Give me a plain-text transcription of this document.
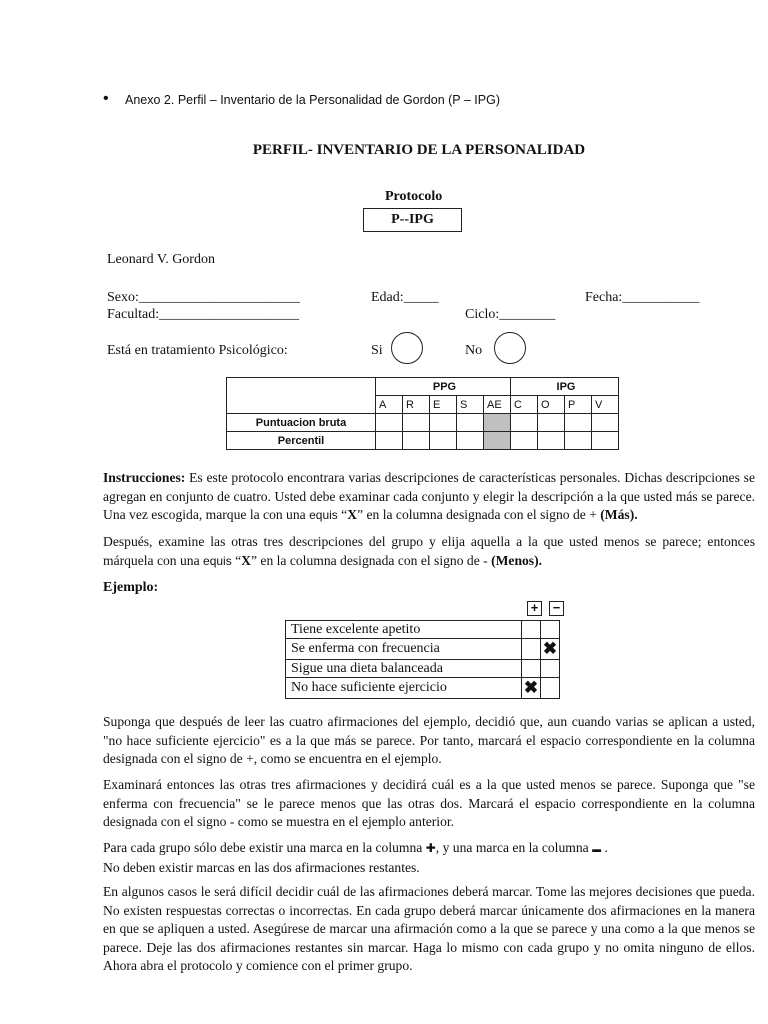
• Anexo 2. Perfil – Inventario de la Personalidad de Gordon (P – IPG)
PERFIL- INVENTARIO DE LA PERSONALIDAD
Protocolo
P--IPG
Leonard V. Gordon
Sexo:_______________________	Edad:_____	Fecha:___________
Facultad:____________________	Ciclo:________
Está en tratamiento Psicológico:	Si	No
	PPG					IPG			
	A	R	E	S	AE	C	O	P	V
Puntuacion bruta									
Percentil									
Instrucciones: Es este protocolo encontrara varias descripciones de características personales. Dichas descripciones se agregan en conjunto de cuatro. Usted debe examinar cada conjunto y elegir la descripción a la que usted más se parece. Una vez escogida, marque la con una equis “X” en la columna designada con el signo de + (Más).
Después, examine las otras tres descripciones del grupo y elija aquella a la que usted menos se parece; entonces márquela con una equis “X” en la columna designada con el signo de - (Menos).
Ejemplo:
+ −
Tiene excelente apetito		
Se enferma con frecuencia		✖
Sigue una dieta balanceada		
No hace suficiente ejercicio	✖	
Suponga que después de leer las cuatro afirmaciones del ejemplo, decidió que, aun cuando varias se aplican a usted, "no hace suficiente ejercicio" es a la que más se parece. Por tanto, marcará el espacio correspondiente en la columna designada con el signo de +, como se encuentra en el ejemplo.
Examinará entonces las otras tres afirmaciones y decidirá cuál es a la que usted menos se parece. Suponga que "se enferma con frecuencia" se le parece menos que las otras dos. Marcará el espacio correspondiente en la columna designada con el signo - como se muestra en el ejemplo anterior.
Para cada grupo sólo debe existir una marca en la columna ✚, y una marca en la columna ▬ .
No deben existir marcas en las dos afirmaciones restantes.
En algunos casos le será difícil decidir cuál de las afirmaciones deberá marcar. Tome las mejores decisiones que pueda. No existen respuestas correctas o incorrectas. En cada grupo deberá marcar únicamente dos afirmaciones en la manera en que se apliquen a usted. Asegúrese de marcar una afirmación como a la que se parece y una como a la que menos se parece. Deje las dos afirmaciones restantes sin marcar. Haga lo mismo con cada grupo y no omita ninguno de ellos. Ahora abra el protocolo y comience con el primer grupo.
